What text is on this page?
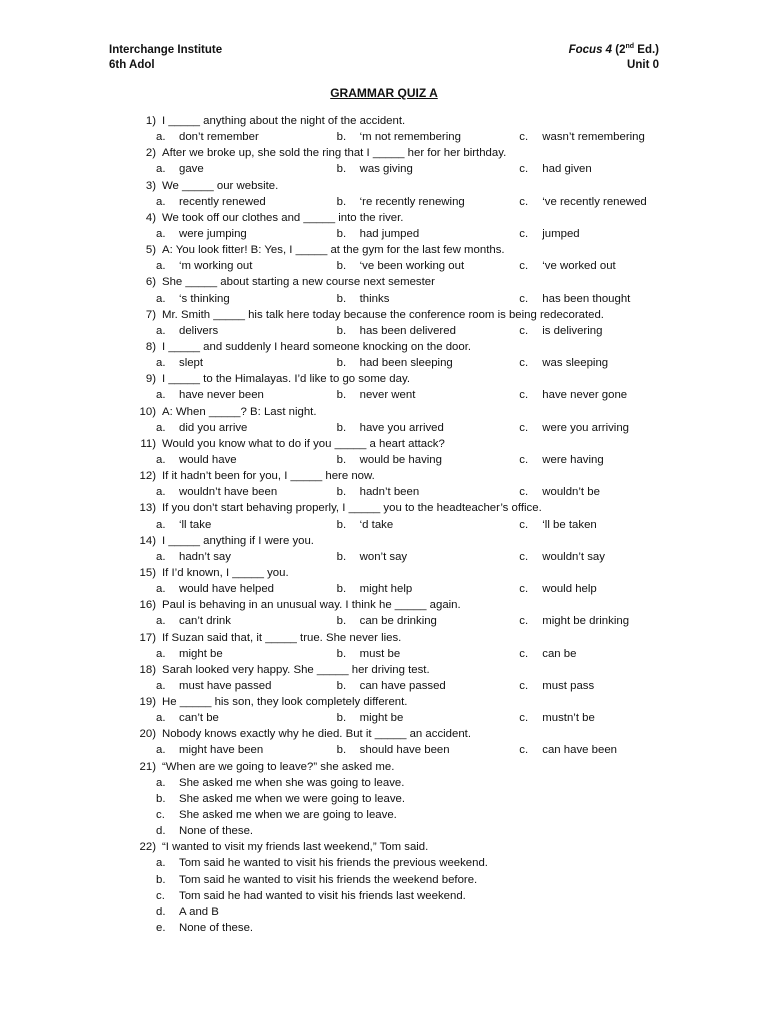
Interchange Institute
6th Adol
Focus 4 (2nd Ed.)
Unit 0
GRAMMAR QUIZ A
1) I _____ anything about the night of the accident.
a.	don’t remember	b.	‘m not remembering	c.	wasn’t remembering
2) After we broke up, she sold the ring that I _____ her for her birthday.
a.	gave	b.	was giving	c.	had given
3) We _____ our website.
a.	recently renewed	b.	‘re recently renewing	c.	‘ve recently renewed
4) We took off our clothes and _____ into the river.
a.	were jumping	b.	had jumped	c.	jumped
5) A: You look fitter! B: Yes, I _____ at the gym for the last few months.
a.	‘m working out	b.	‘ve been working out	c.	‘ve worked out
6) She _____ about starting a new course next semester
a.	‘s thinking	b.	thinks	c.	has been thought
7) Mr. Smith _____ his talk here today because the conference room is being redecorated.
a.	delivers	b.	has been delivered	c.	is delivering
8) I _____ and suddenly I heard someone knocking on the door.
a.	slept	b.	had been sleeping	c.	was sleeping
9) I _____ to the Himalayas. I’d like to go some day.
a.	have never been	b.	never went	c.	have never gone
10) A: When _____? B: Last night.
a.	did you arrive	b.	have you arrived	c.	were you arriving
11) Would you know what to do if you _____ a heart attack?
a.	would have	b.	would be having	c.	were having
12) If it hadn’t been for you, I _____ here now.
a.	wouldn’t have been	b.	hadn’t been	c.	wouldn’t be
13) If you don’t start behaving properly, I _____ you to the headteacher’s office.
a.	‘ll take	b.	‘d take	c.	‘ll be taken
14) I _____ anything if I were you.
a.	hadn’t say	b.	won’t say	c.	wouldn’t say
15) If I’d known, I _____ you.
a.	would have helped	b.	might help	c.	would help
16) Paul is behaving in an unusual way. I think he _____ again.
a.	can’t drink	b.	can be drinking	c.	might be drinking
17) If Suzan said that, it _____ true. She never lies.
a.	might be	b.	must be	c.	can be
18) Sarah looked very happy. She _____ her driving test.
a.	must have passed	b.	can have passed	c.	must pass
19) He _____ his son, they look completely different.
a.	can’t be	b.	might be	c.	mustn’t be
20) Nobody knows exactly why he died. But it _____ an accident.
a.	might have been	b.	should have been	c.	can have been
21) “When are we going to leave?” she asked me.
a.	She asked me when she was going to leave.
b.	She asked me when we were going to leave.
c.	She asked me when we are going to leave.
d.	None of these.
22) “I wanted to visit my friends last weekend,” Tom said.
a.	Tom said he wanted to visit his friends the previous weekend.
b.	Tom said he wanted to visit his friends the weekend before.
c.	Tom said he had wanted to visit his friends last weekend.
d.	A and B
e.	None of these.
